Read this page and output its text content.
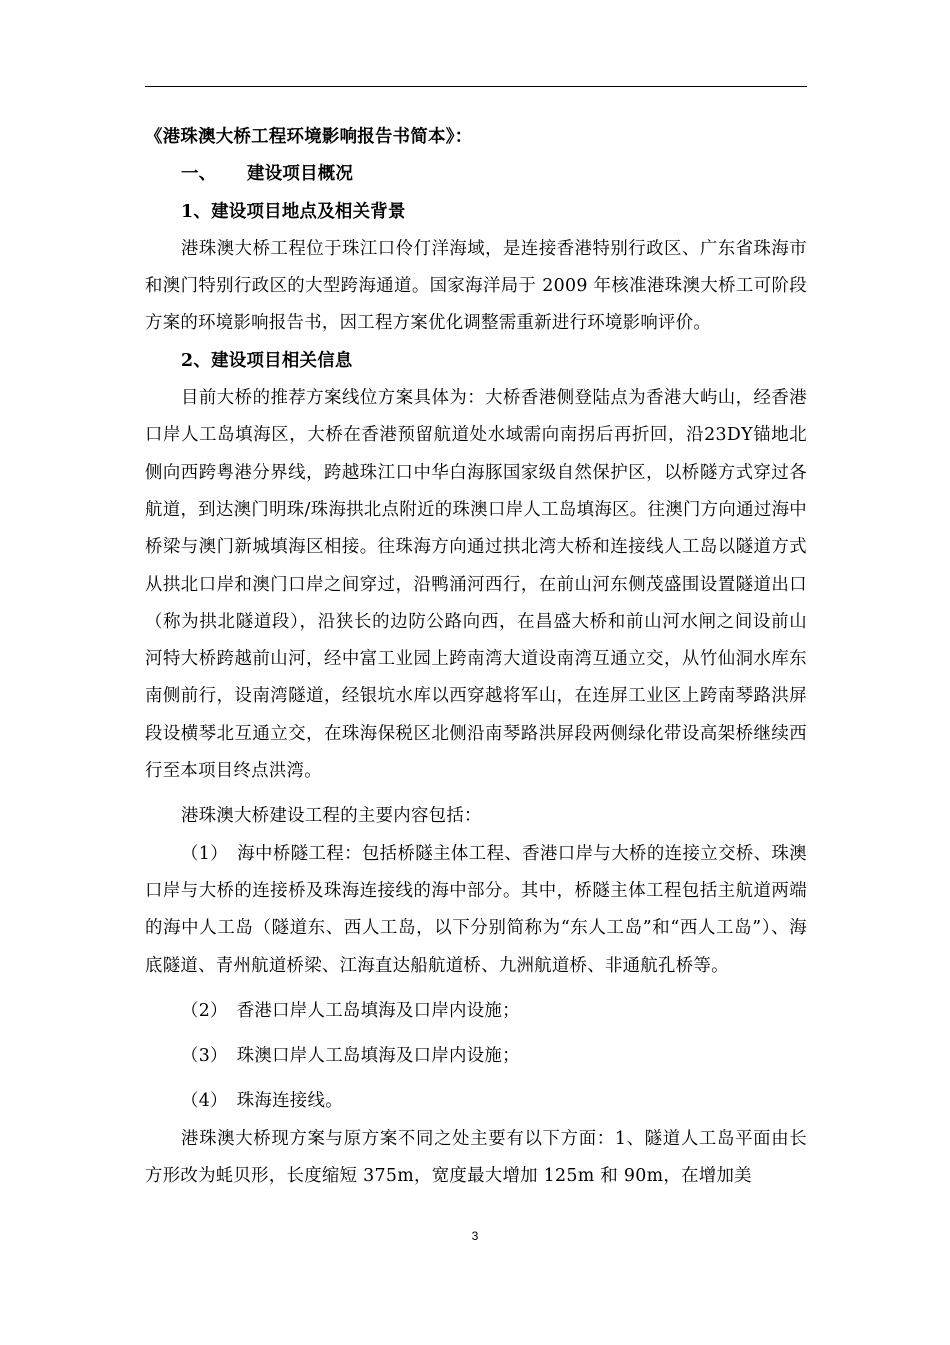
《港珠澳大桥工程环境影响报告书简本》：

一、 建设项目概况

1、建设项目地点及相关背景

港珠澳大桥工程位于珠江口伶仃洋海域，是连接香港特别行政区、广东省珠海市和澳门特别行政区的大型跨海通道。国家海洋局于 2009 年核准港珠澳大桥工可阶段方案的环境影响报告书，因工程方案优化调整需重新进行环境影响评价。

2、建设项目相关信息

目前大桥的推荐方案线位方案具体为：大桥香港侧登陆点为香港大屿山，经香港口岸人工岛填海区，大桥在香港预留航道处水域需向南拐后再折回，沿23DY锚地北侧向西跨粤港分界线，跨越珠江口中华白海豚国家级自然保护区，以桥隧方式穿过各航道，到达澳门明珠/珠海拱北点附近的珠澳口岸人工岛填海区。往澳门方向通过海中桥梁与澳门新城填海区相接。往珠海方向通过拱北湾大桥和连接线人工岛以隧道方式从拱北口岸和澳门口岸之间穿过，沿鸭涌河西行，在前山河东侧茂盛围设置隧道出口（称为拱北隧道段），沿狭长的边防公路向西，在昌盛大桥和前山河水闸之间设前山河特大桥跨越前山河，经中富工业园上跨南湾大道设南湾互通立交，从竹仙洞水库东南侧前行，设南湾隧道，经银坑水库以西穿越将军山，在连屏工业区上跨南琴路洪屏段设横琴北互通立交，在珠海保税区北侧沿南琴路洪屏段两侧绿化带设高架桥继续西行至本项目终点洪湾。

港珠澳大桥建设工程的主要内容包括：

（1）　海中桥隧工程：包括桥隧主体工程、香港口岸与大桥的连接立交桥、珠澳口岸与大桥的连接桥及珠海连接线的海中部分。其中，桥隧主体工程包括主航道两端的海中人工岛（隧道东、西人工岛，以下分别简称为“东人工岛”和“西人工岛”）、海底隧道、青州航道桥梁、江海直达船航道桥、九洲航道桥、非通航孔桥等。

（2）　香港口岸人工岛填海及口岸内设施；

（3）　珠澳口岸人工岛填海及口岸内设施；

（4）　珠海连接线。

港珠澳大桥现方案与原方案不同之处主要有以下方面：1、隧道人工岛平面由长方形改为蚝贝形，长度缩短 375m，宽度最大增加 125m 和 90m，在增加美

3
